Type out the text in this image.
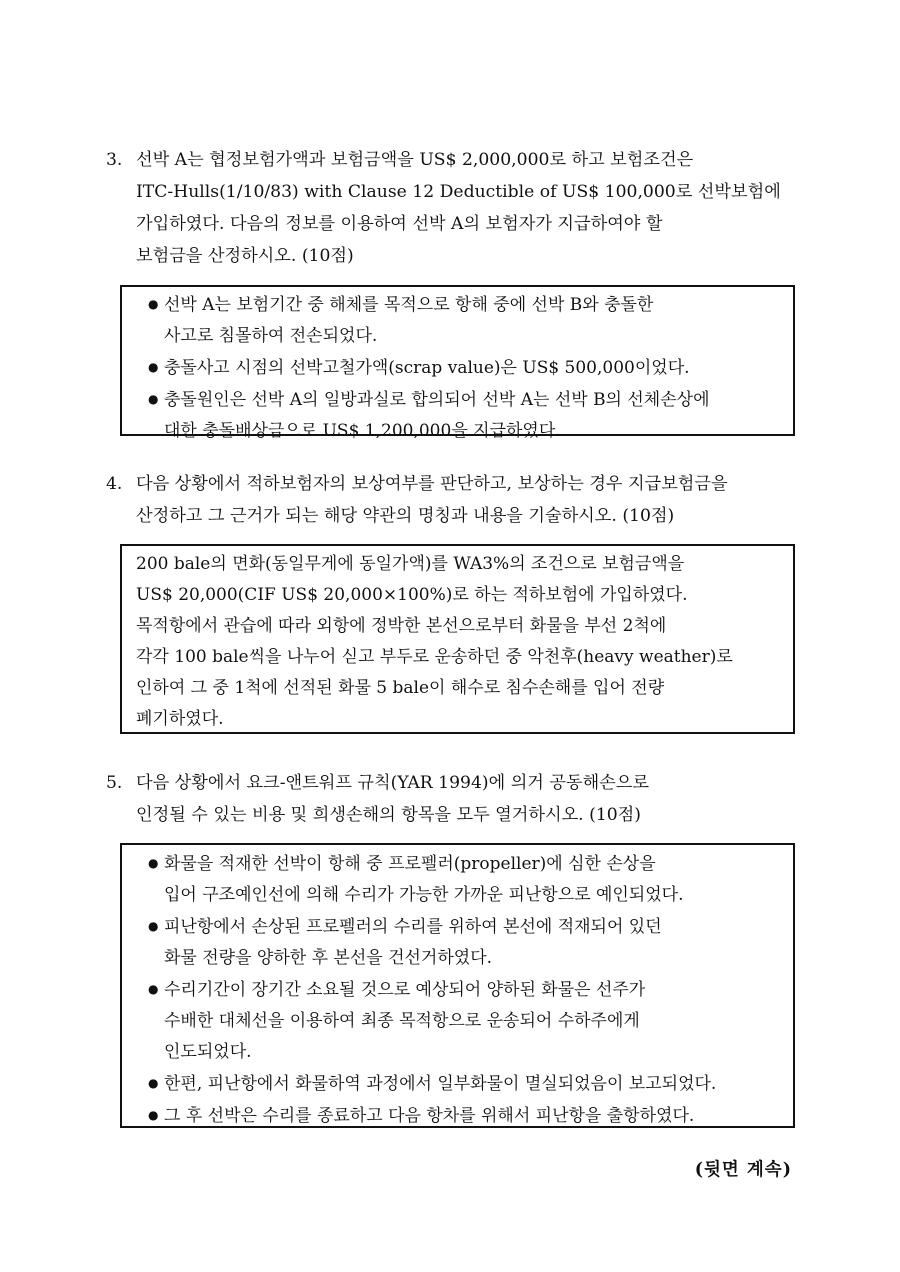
3. 선박 A는 협정보험가액과 보험금액을 US$ 2,000,000로 하고 보험조건은
ITC-Hulls(1/10/83) with Clause 12 Deductible of US$ 100,000로 선박보험에
가입하였다. 다음의 정보를 이용하여 선박 A의 보험자가 지급하여야 할
보험금을 산정하시오. (10점)
● 선박 A는 보험기간 중 해체를 목적으로 항해 중에 선박 B와 충돌한
사고로 침몰하여 전손되었다.
● 충돌사고 시점의 선박고철가액(scrap value)은 US$ 500,000이었다.
● 충돌원인은 선박 A의 일방과실로 합의되어 선박 A는 선박 B의 선체손상에
대한 충돌배상금으로 US$ 1,200,000을 지급하였다.
4. 다음 상황에서 적하보험자의 보상여부를 판단하고, 보상하는 경우 지급보험금을
산정하고 그 근거가 되는 해당 약관의 명칭과 내용을 기술하시오. (10점)
200 bale의 면화(동일무게에 동일가액)를 WA3%의 조건으로 보험금액을
US$ 20,000(CIF US$ 20,000×100%)로 하는 적하보험에 가입하였다.
목적항에서 관습에 따라 외항에 정박한 본선으로부터 화물을 부선 2척에
각각 100 bale씩을 나누어 싣고 부두로 운송하던 중 악천후(heavy weather)로
인하여 그 중 1척에 선적된 화물 5 bale이 해수로 침수손해를 입어 전량
폐기하였다.
5. 다음 상황에서 요크-앤트워프 규칙(YAR 1994)에 의거 공동해손으로
인정될 수 있는 비용 및 희생손해의 항목을 모두 열거하시오. (10점)
● 화물을 적재한 선박이 항해 중 프로펠러(propeller)에 심한 손상을
입어 구조예인선에 의해 수리가 가능한 가까운 피난항으로 예인되었다.
● 피난항에서 손상된 프로펠러의 수리를 위하여 본선에 적재되어 있던
화물 전량을 양하한 후 본선을 건선거하였다.
● 수리기간이 장기간 소요될 것으로 예상되어 양하된 화물은 선주가
수배한 대체선을 이용하여 최종 목적항으로 운송되어 수하주에게
인도되었다.
● 한편, 피난항에서 화물하역 과정에서 일부화물이 멸실되었음이 보고되었다.
● 그 후 선박은 수리를 종료하고 다음 항차를 위해서 피난항을 출항하였다.
(뒷면 계속)
